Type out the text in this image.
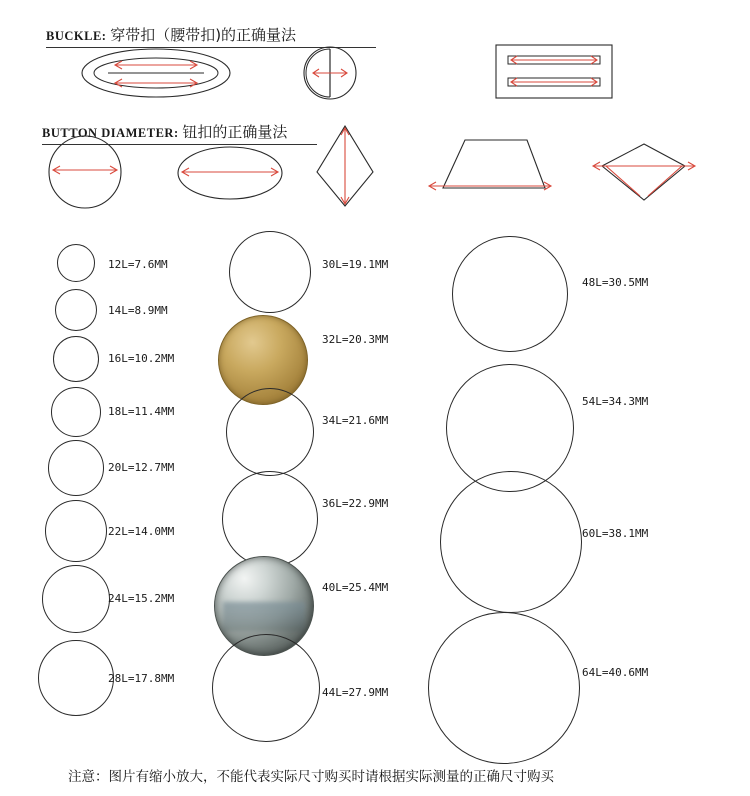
BUCKLE: 穿带扣（腰带扣)的正确量法
BUTTON DIAMETER: 钮扣的正确量法
12L=7.6MM
14L=8.9MM
16L=10.2MM
18L=11.4MM
20L=12.7MM
22L=14.0MM
24L=15.2MM
28L=17.8MM
30L=19.1MM
32L=20.3MM
34L=21.6MM
36L=22.9MM
40L=25.4MM
44L=27.9MM
48L=30.5MM
54L=34.3MM
60L=38.1MM
64L=40.6MM
注意：图片有缩小放大，不能代表实际尺寸购买时请根据实际测量的正确尺寸购买
